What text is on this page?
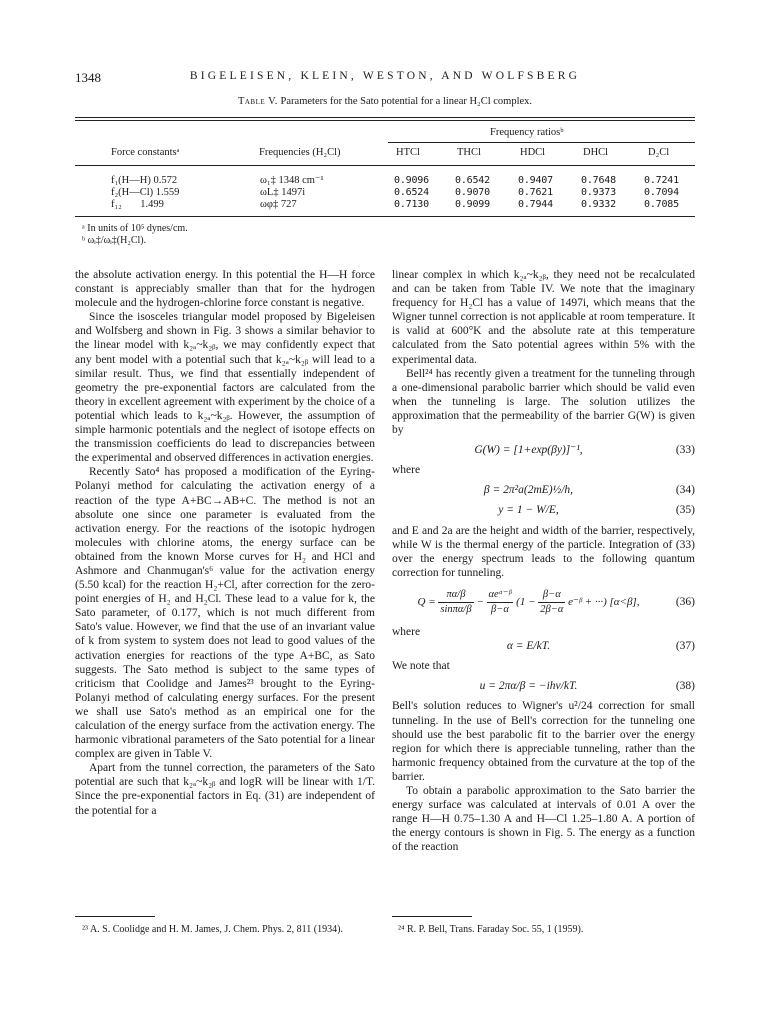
1348	BIGELEISEN, KLEIN, WESTON, AND WOLFSBERG
Table V. Parameters for the Sato potential for a linear H₂Cl complex.
Frequency ratiosᵇ
Force constantsᵃ	Frequencies (H₂Cl)	HTCl	THCl	HDCl	DHCl	D₂Cl
f₁(H—H) 0.572	ω₁‡ 1348 cm⁻¹	0.9096	0.6542	0.9407	0.7648	0.7241
f₂(H—Cl) 1.559	ωL‡ 1497i	0.6524	0.9070	0.7621	0.9373	0.7094
f₁₂       1.499	ωφ‡ 727	0.7130	0.9099	0.7944	0.9332	0.7085
ᵃ In units of 10⁵ dynes/cm.
ᵇ ωᵢ‡/ωᵢ‡(H₂Cl).

the absolute activation energy. In this potential the H—H force constant is appreciably smaller than that for the hydrogen molecule and the hydrogen-chlorine force constant is negative.

Since the isosceles triangular model proposed by Bigeleisen and Wolfsberg and shown in Fig. 3 shows a similar behavior to the linear model with k₂ₐ~k₂ᵦ, we may confidently expect that any bent model with a potential such that k₂ₐ~k₂ᵦ will lead to a similar result. Thus, we find that essentially independent of geometry the pre-exponential factors are calculated from the theory in excellent agreement with experiment by the choice of a potential which leads to k₂ₐ~k₂ᵦ. However, the assumption of simple harmonic potentials and the neglect of isotope effects on the transmission coefficients do lead to discrepancies between the experimental and observed differences in activation energies.

Recently Sato⁴ has proposed a modification of the Eyring-Polanyi method for calculating the activation energy of a reaction of the type A+BC→AB+C. The method is not an absolute one since one parameter is evaluated from the activation energy. For the reactions of the isotopic hydrogen molecules with chlorine atoms, the energy surface can be obtained from the known Morse curves for H₂ and HCl and Ashmore and Chanmugan's⁶ value for the activation energy (5.50 kcal) for the reaction H₂+Cl, after correction for the zero-point energies of H₂ and H₂Cl. These lead to a value for k, the Sato parameter, of 0.177, which is not much different from Sato's value. However, we find that the use of an invariant value of k from system to system does not lead to good values of the activation energies for reactions of the type A+BC, as Sato suggests. The Sato method is subject to the same types of criticism that Coolidge and James²³ brought to the Eyring-Polanyi method of calculating energy surfaces. For the present we shall use Sato's method as an empirical one for the calculation of the energy surface from the activation energy. The harmonic vibrational parameters of the Sato potential for a linear complex are given in Table V.

Apart from the tunnel correction, the parameters of the Sato potential are such that k₂ₐ~k₂ᵦ and logR will be linear with 1/T. Since the pre-exponential factors in Eq. (31) are independent of the potential for a

linear complex in which k₂ₐ~k₂ᵦ, they need not be recalculated and can be taken from Table IV. We note that the imaginary frequency for H₂Cl has a value of 1497i, which means that the Wigner tunnel correction is not applicable at room temperature. It is valid at 600°K and the absolute rate at this temperature calculated from the Sato potential agrees within 5% with the experimental data.

Bell²⁴ has recently given a treatment for the tunneling through a one-dimensional parabolic barrier which should be valid even when the tunneling is large. The solution utilizes the approximation that the permeability of the barrier G(W) is given by

G(W) = [1+exp(βy)]⁻¹,	(33)
where
β = 2π²a(2mE)½/h,	(34)
y = 1 − W/E,	(35)

and E and 2a are the height and width of the barrier, respectively, while W is the thermal energy of the particle. Integration of (33) over the energy spectrum leads to the following quantum correction for tunneling.

$Q = \frac{\pi\alpha/\beta}{\sin\pi\alpha/\beta} - \frac{\text{αeᵅ⁻ᵝ}}{\beta-\alpha} (1 - \frac{\beta-\alpha}{2\beta-\alpha}$ e⁻ᵝ + ···) [α<β],	(36)
where
α = E/kT.	(37)
We note that
u = 2πα/β = −ihν/kT.	(38)

Bell's solution reduces to Wigner's u²/24 correction for small tunneling. In the use of Bell's correction for the tunneling one should use the best parabolic fit to the barrier over the energy region for which there is appreciable tunneling, rather than the harmonic frequency obtained from the curvature at the top of the barrier.

To obtain a parabolic approximation to the Sato barrier the energy surface was calculated at intervals of 0.01 A over the range H—H 0.75–1.30 A and H—Cl 1.25–1.80 A. A portion of the energy contours is shown in Fig. 5. The energy as a function of the reaction

²³ A. S. Coolidge and H. M. James, J. Chem. Phys. 2, 811 (1934).	²⁴ R. P. Bell, Trans. Faraday Soc. 55, 1 (1959).
